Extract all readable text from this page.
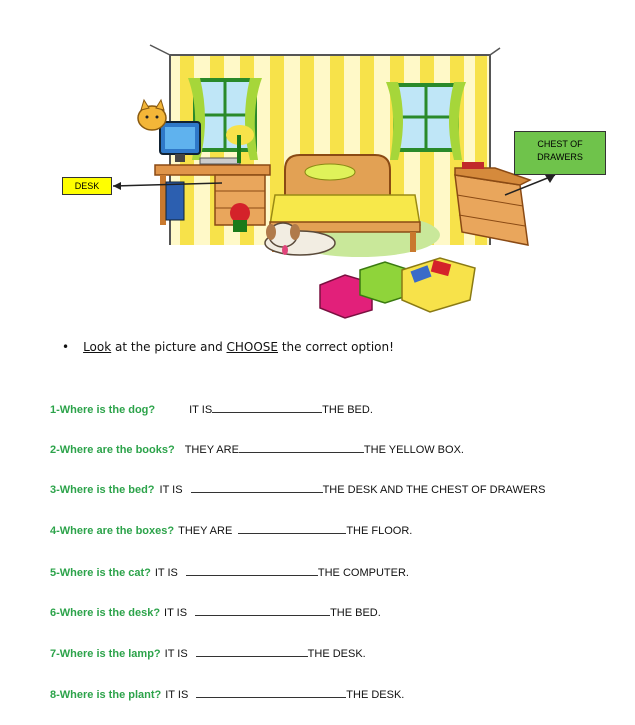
DESK
CHEST OF
DRAWERS
• Look at the picture and CHOOSE the correct option!
1-Where is the dog?	IT IS	THE BED.
2-Where are the books? THEY ARE	THE YELLOW BOX.
3-Where is the bed? IT IS	THE DESK AND THE CHEST OF DRAWERS
4-Where are the boxes? THEY ARE	THE FLOOR.
5-Where is the cat? IT IS	THE COMPUTER.
6-Where is the desk? IT IS	THE BED.
7-Where is the lamp? IT IS	THE DESK.
8-Where is the plant? IT IS	THE DESK.
